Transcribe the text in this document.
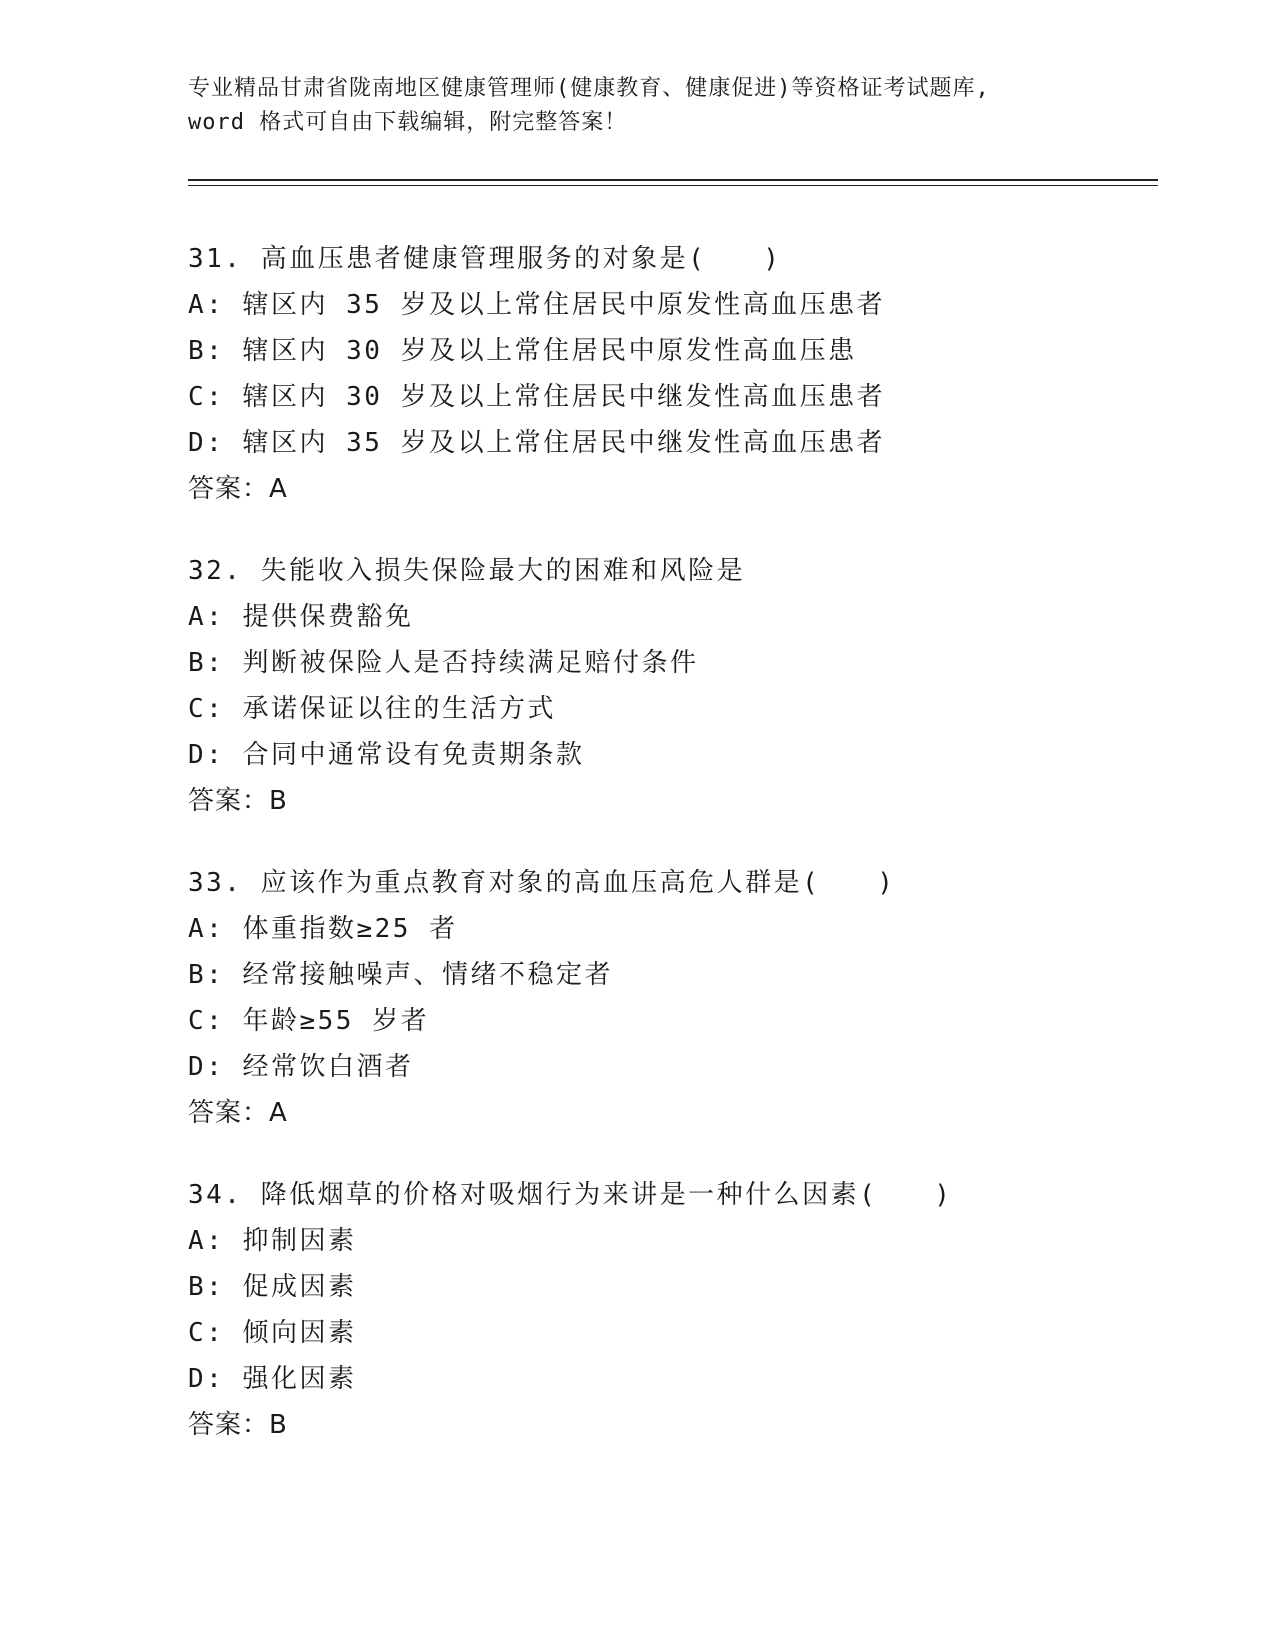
专业精品甘肃省陇南地区健康管理师(健康教育、健康促进)等资格证考试题库,
word 格式可自由下载编辑，附完整答案！
31. 高血压患者健康管理服务的对象是(　　)
A: 辖区内 35 岁及以上常住居民中原发性高血压患者
B: 辖区内 30 岁及以上常住居民中原发性高血压患
C: 辖区内 30 岁及以上常住居民中继发性高血压患者
D: 辖区内 35 岁及以上常住居民中继发性高血压患者
答案：A
32. 失能收入损失保险最大的困难和风险是
A: 提供保费豁免
B: 判断被保险人是否持续满足赔付条件
C: 承诺保证以往的生活方式
D: 合同中通常设有免责期条款
答案：B
33. 应该作为重点教育对象的高血压高危人群是(　　)
A: 体重指数≥25 者
B: 经常接触噪声、情绪不稳定者
C: 年龄≥55 岁者
D: 经常饮白酒者
答案：A
34. 降低烟草的价格对吸烟行为来讲是一种什么因素(　　)
A: 抑制因素
B: 促成因素
C: 倾向因素
D: 强化因素
答案：B
